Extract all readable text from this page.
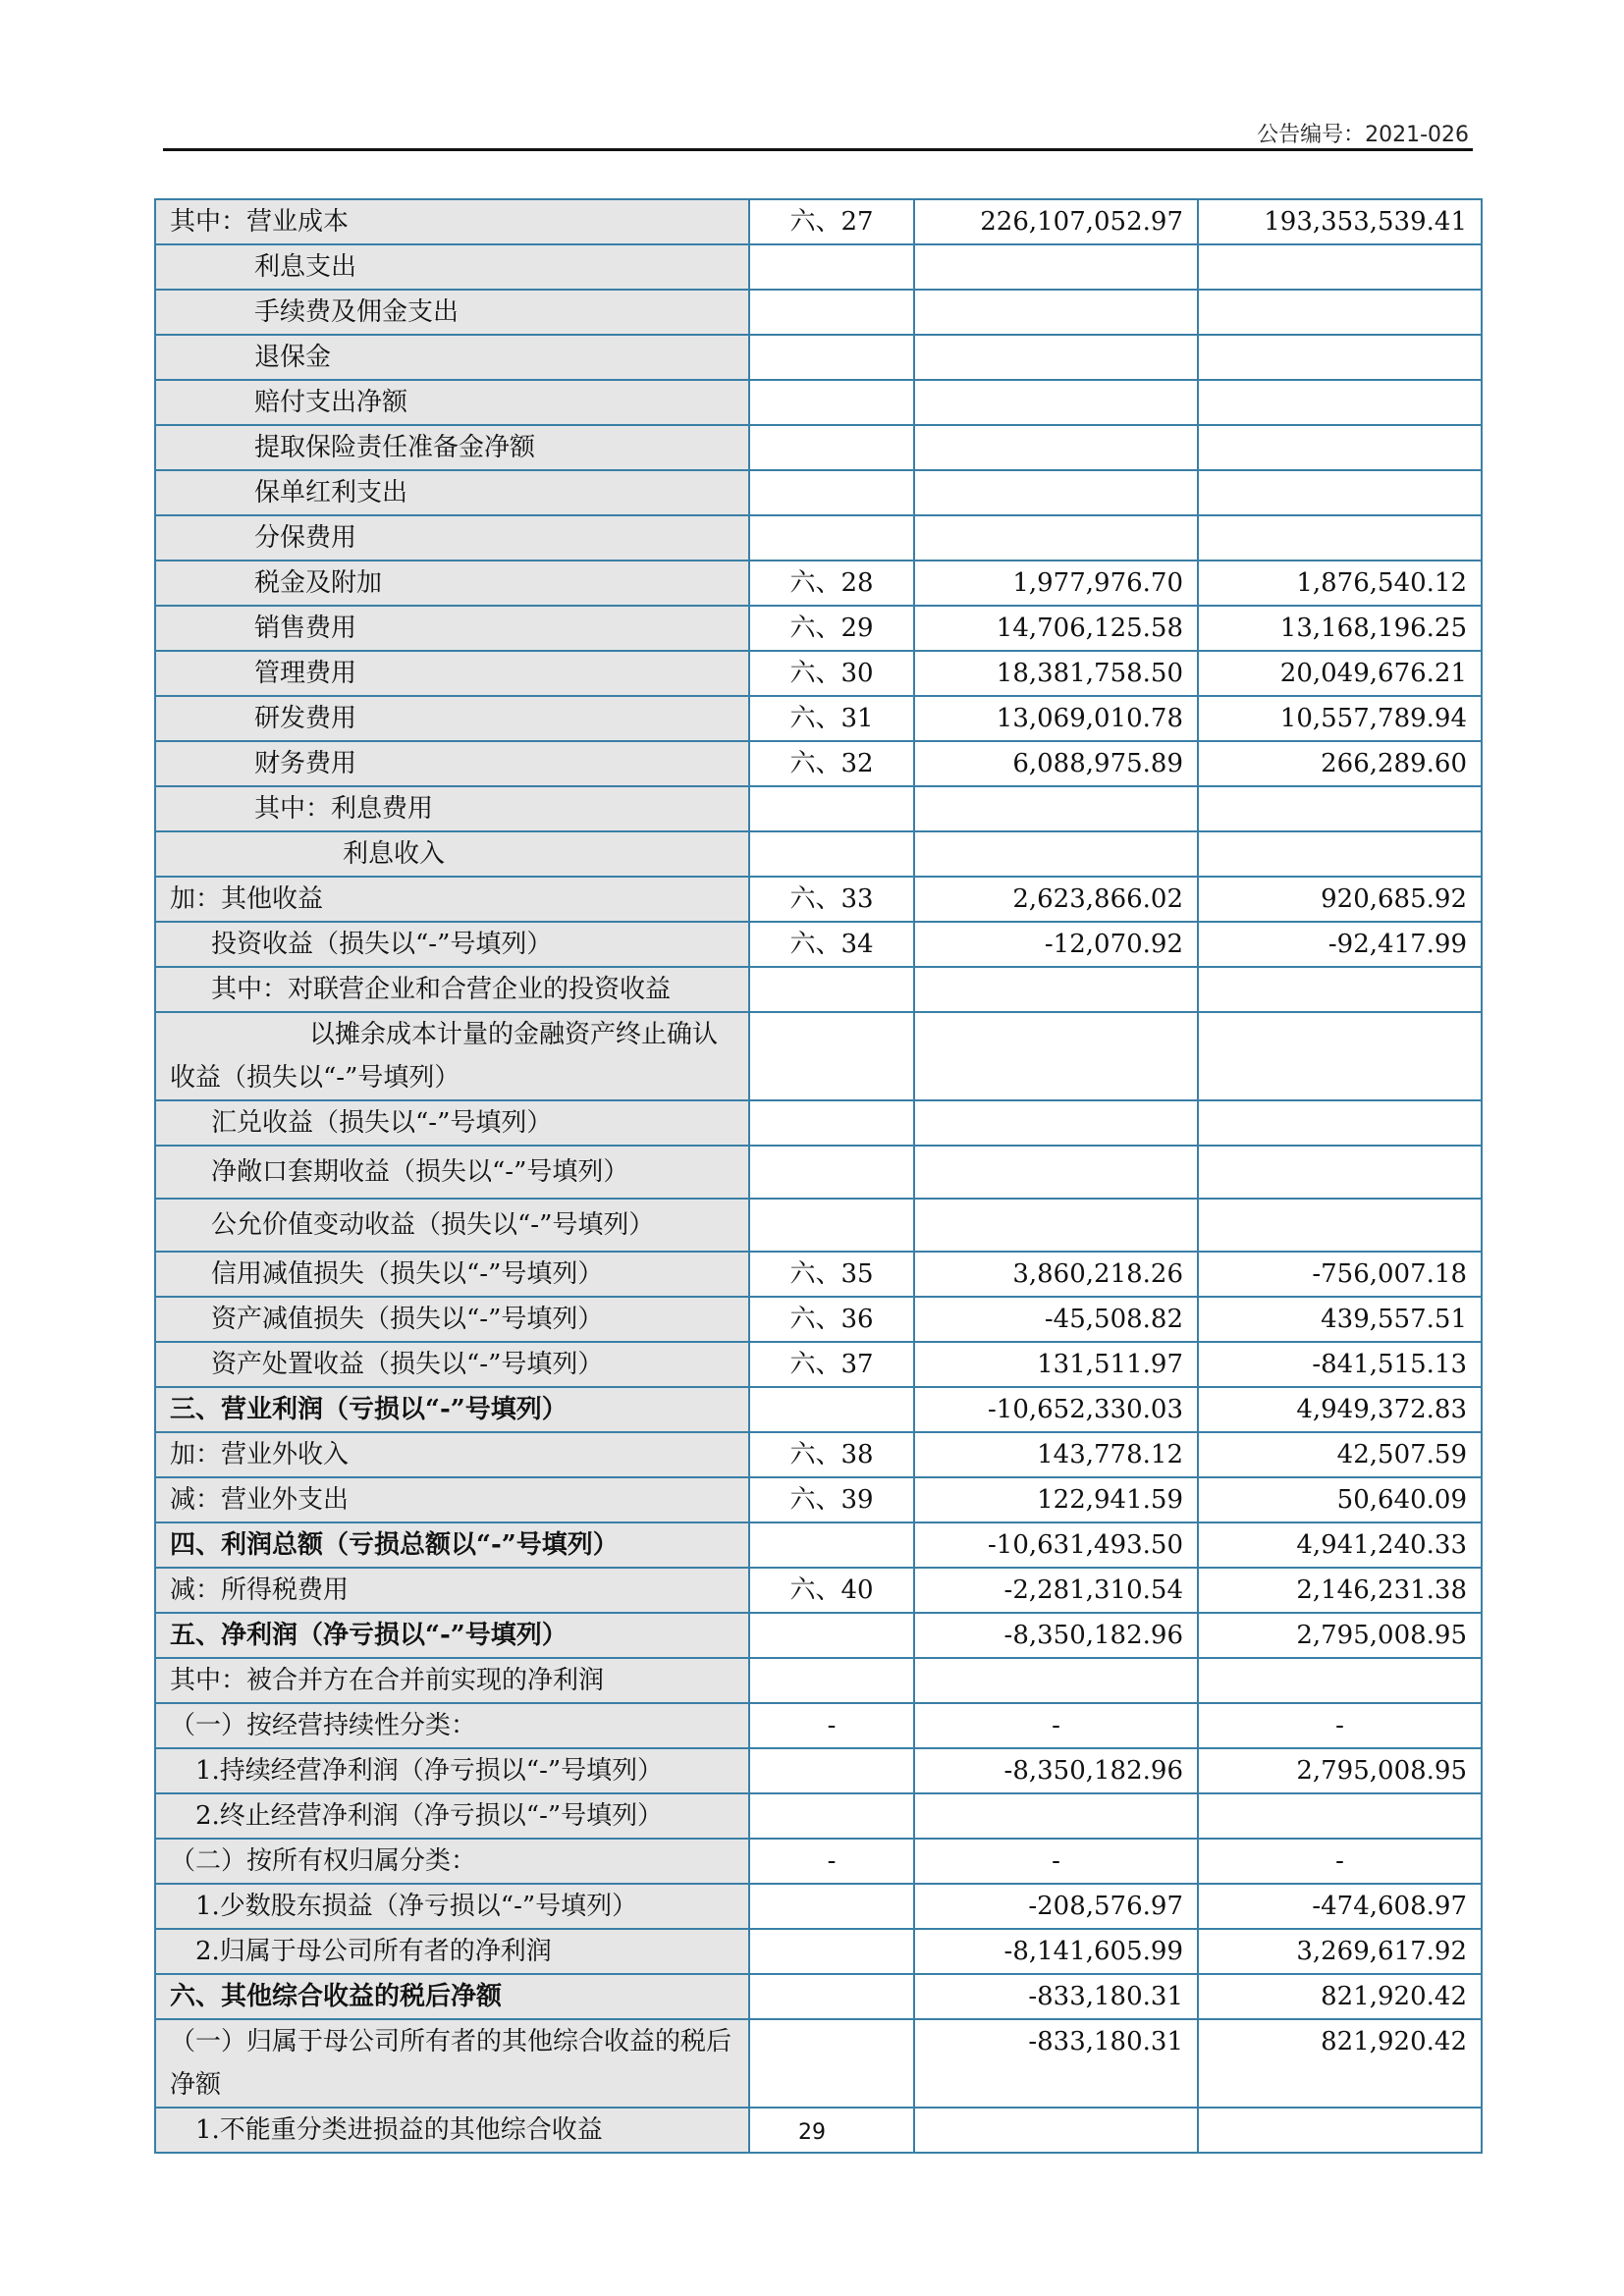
公告编号：2021-026
其中：营业成本	六、27	226,107,052.97	193,353,539.41
利息支出			
手续费及佣金支出			
退保金			
赔付支出净额			
提取保险责任准备金净额			
保单红利支出			
分保费用			
税金及附加	六、28	1,977,976.70	1,876,540.12
销售费用	六、29	14,706,125.58	13,168,196.25
管理费用	六、30	18,381,758.50	20,049,676.21
研发费用	六、31	13,069,010.78	10,557,789.94
财务费用	六、32	6,088,975.89	266,289.60
其中：利息费用			
利息收入			
加：其他收益	六、33	2,623,866.02	920,685.92
投资收益（损失以“-”号填列）	六、34	-12,070.92	-92,417.99
其中：对联营企业和合营企业的投资收益			
以摊余成本计量的金融资产终止确认收益（损失以“-”号填列）			
汇兑收益（损失以“-”号填列）			
净敞口套期收益（损失以“-”号填列）			
公允价值变动收益（损失以“-”号填列）			
信用减值损失（损失以“-”号填列）	六、35	3,860,218.26	-756,007.18
资产减值损失（损失以“-”号填列）	六、36	-45,508.82	439,557.51
资产处置收益（损失以“-”号填列）	六、37	131,511.97	-841,515.13
三、营业利润（亏损以“-”号填列）		-10,652,330.03	4,949,372.83
加：营业外收入	六、38	143,778.12	42,507.59
减：营业外支出	六、39	122,941.59	50,640.09
四、利润总额（亏损总额以“-”号填列）		-10,631,493.50	4,941,240.33
减：所得税费用	六、40	-2,281,310.54	2,146,231.38
五、净利润（净亏损以“-”号填列）		-8,350,182.96	2,795,008.95
其中：被合并方在合并前实现的净利润			
（一）按经营持续性分类：	-	-	-
1.持续经营净利润（净亏损以“-”号填列）		-8,350,182.96	2,795,008.95
2.终止经营净利润（净亏损以“-”号填列）			
（二）按所有权归属分类：	-	-	-
1.少数股东损益（净亏损以“-”号填列）		-208,576.97	-474,608.97
2.归属于母公司所有者的净利润		-8,141,605.99	3,269,617.92
六、其他综合收益的税后净额		-833,180.31	821,920.42
（一）归属于母公司所有者的其他综合收益的税后净额		-833,180.31	821,920.42
1.不能重分类进损益的其他综合收益				29
